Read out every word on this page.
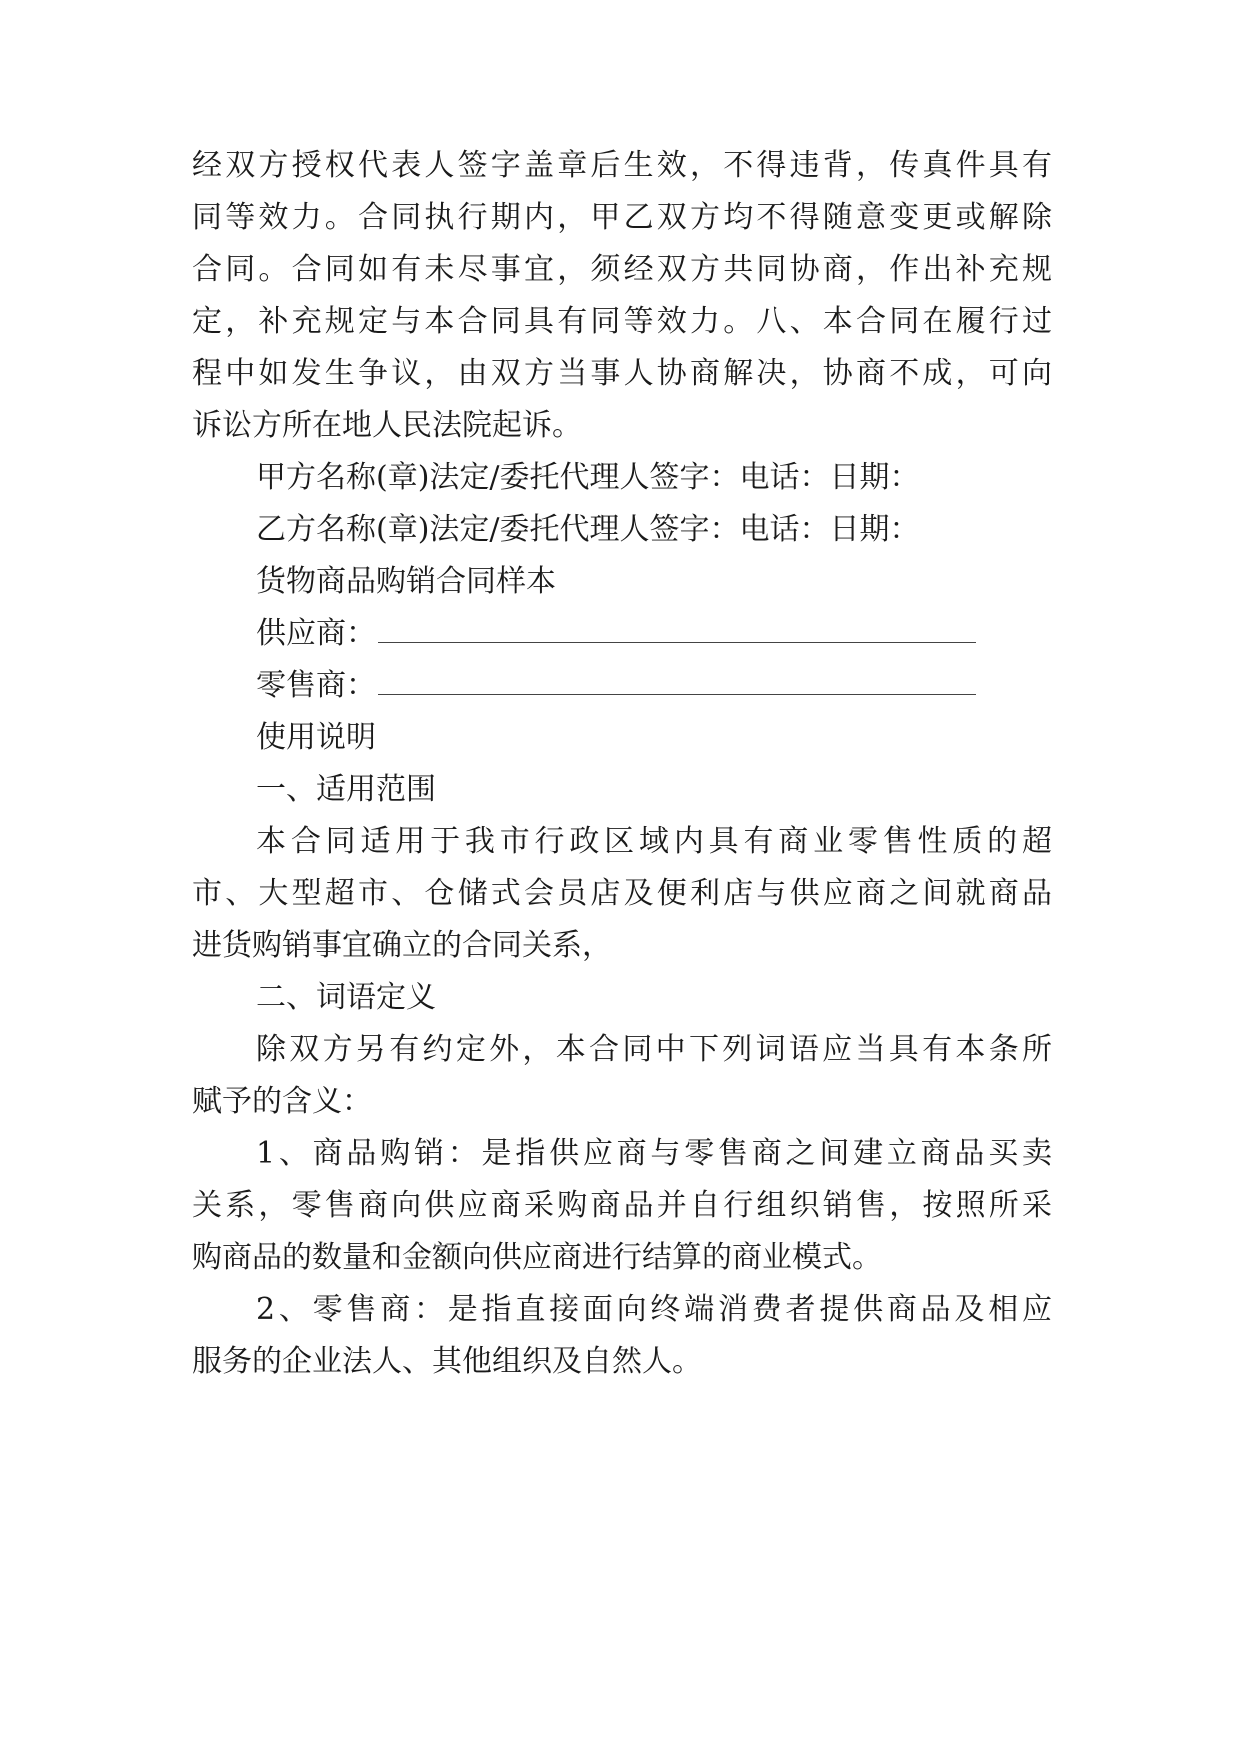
经双方授权代表人签字盖章后生效，不得违背，传真件具有
同等效力。合同执行期内，甲乙双方均不得随意变更或解除
合同。合同如有未尽事宜，须经双方共同协商，作出补充规
定，补充规定与本合同具有同等效力。八、本合同在履行过
程中如发生争议，由双方当事人协商解决，协商不成，可向
诉讼方所在地人民法院起诉。
甲方名称(章)法定/委托代理人签字：电话：日期：
乙方名称(章)法定/委托代理人签字：电话：日期：
货物商品购销合同样本
供应商：
零售商：
使用说明
一、适用范围
本合同适用于我市行政区域内具有商业零售性质的超
市、大型超市、仓储式会员店及便利店与供应商之间就商品
进货购销事宜确立的合同关系，
二、词语定义
除双方另有约定外，本合同中下列词语应当具有本条所
赋予的含义：
1、商品购销：是指供应商与零售商之间建立商品买卖
关系，零售商向供应商采购商品并自行组织销售，按照所采
购商品的数量和金额向供应商进行结算的商业模式。
2、零售商：是指直接面向终端消费者提供商品及相应
服务的企业法人、其他组织及自然人。
